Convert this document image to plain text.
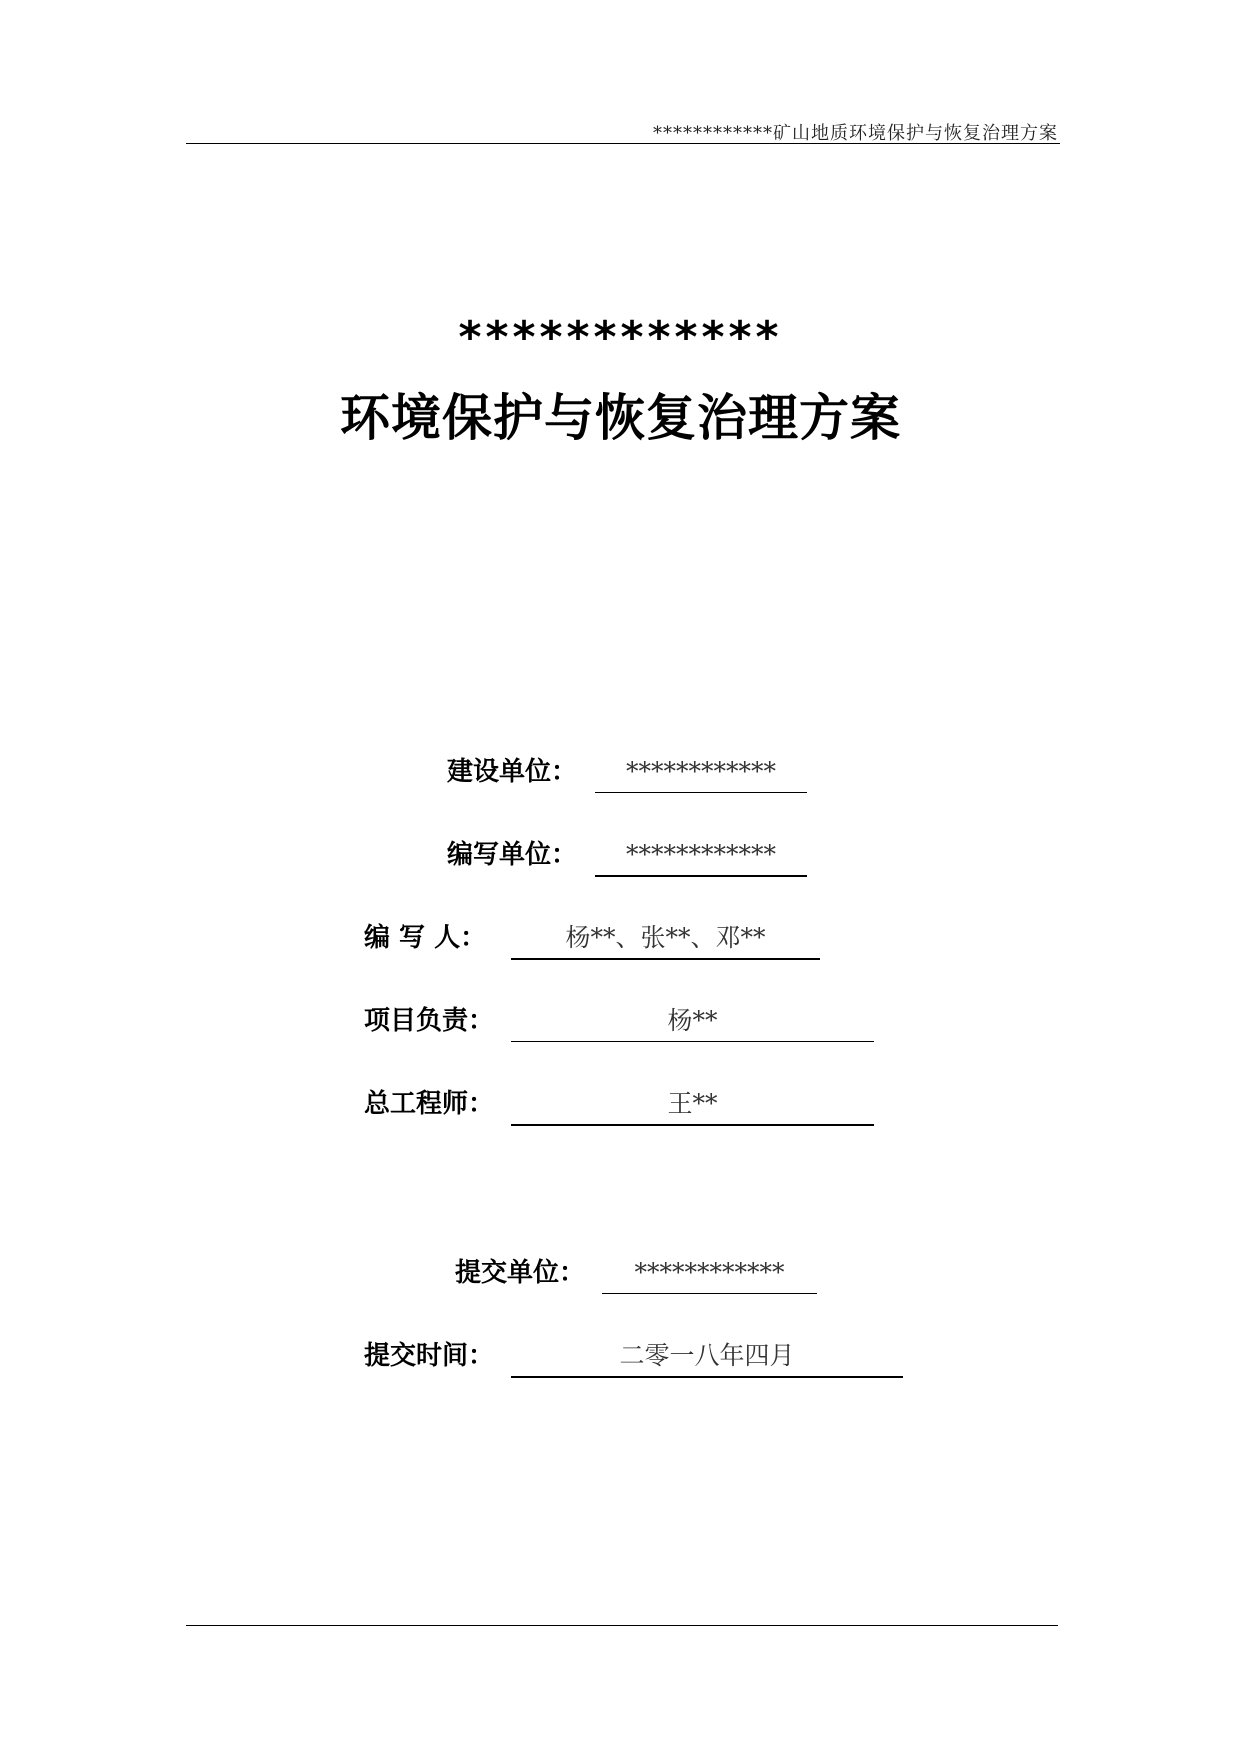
************矿山地质环境保护与恢复治理方案
************
环境保护与恢复治理方案
建设单位：	************
编写单位：	************
编 写 人：	杨**、张**、邓**
项目负责：	杨**
总工程师：	王**
提交单位：	************
提交时间：	二零一八年四月
